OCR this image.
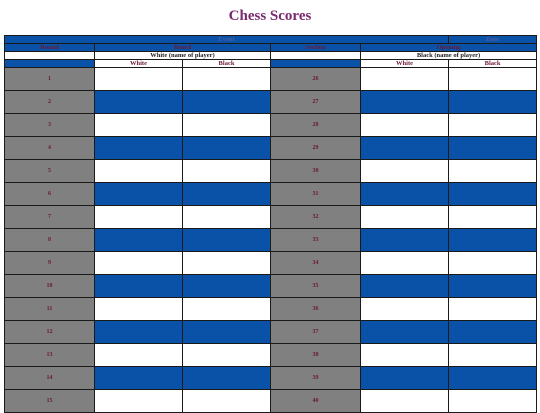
Chess Scores
Event					Date
Round	Board		Section	Opening	
	White (name of player)			Black (name of player)	
	White	Black		White	Black
1			26		
2			27		
3			28		
4			29		
5			30		
6			31		
7			32		
8			33		
9			34		
10			35		
11			36		
12			37		
13			38		
14			39		
15			40		
